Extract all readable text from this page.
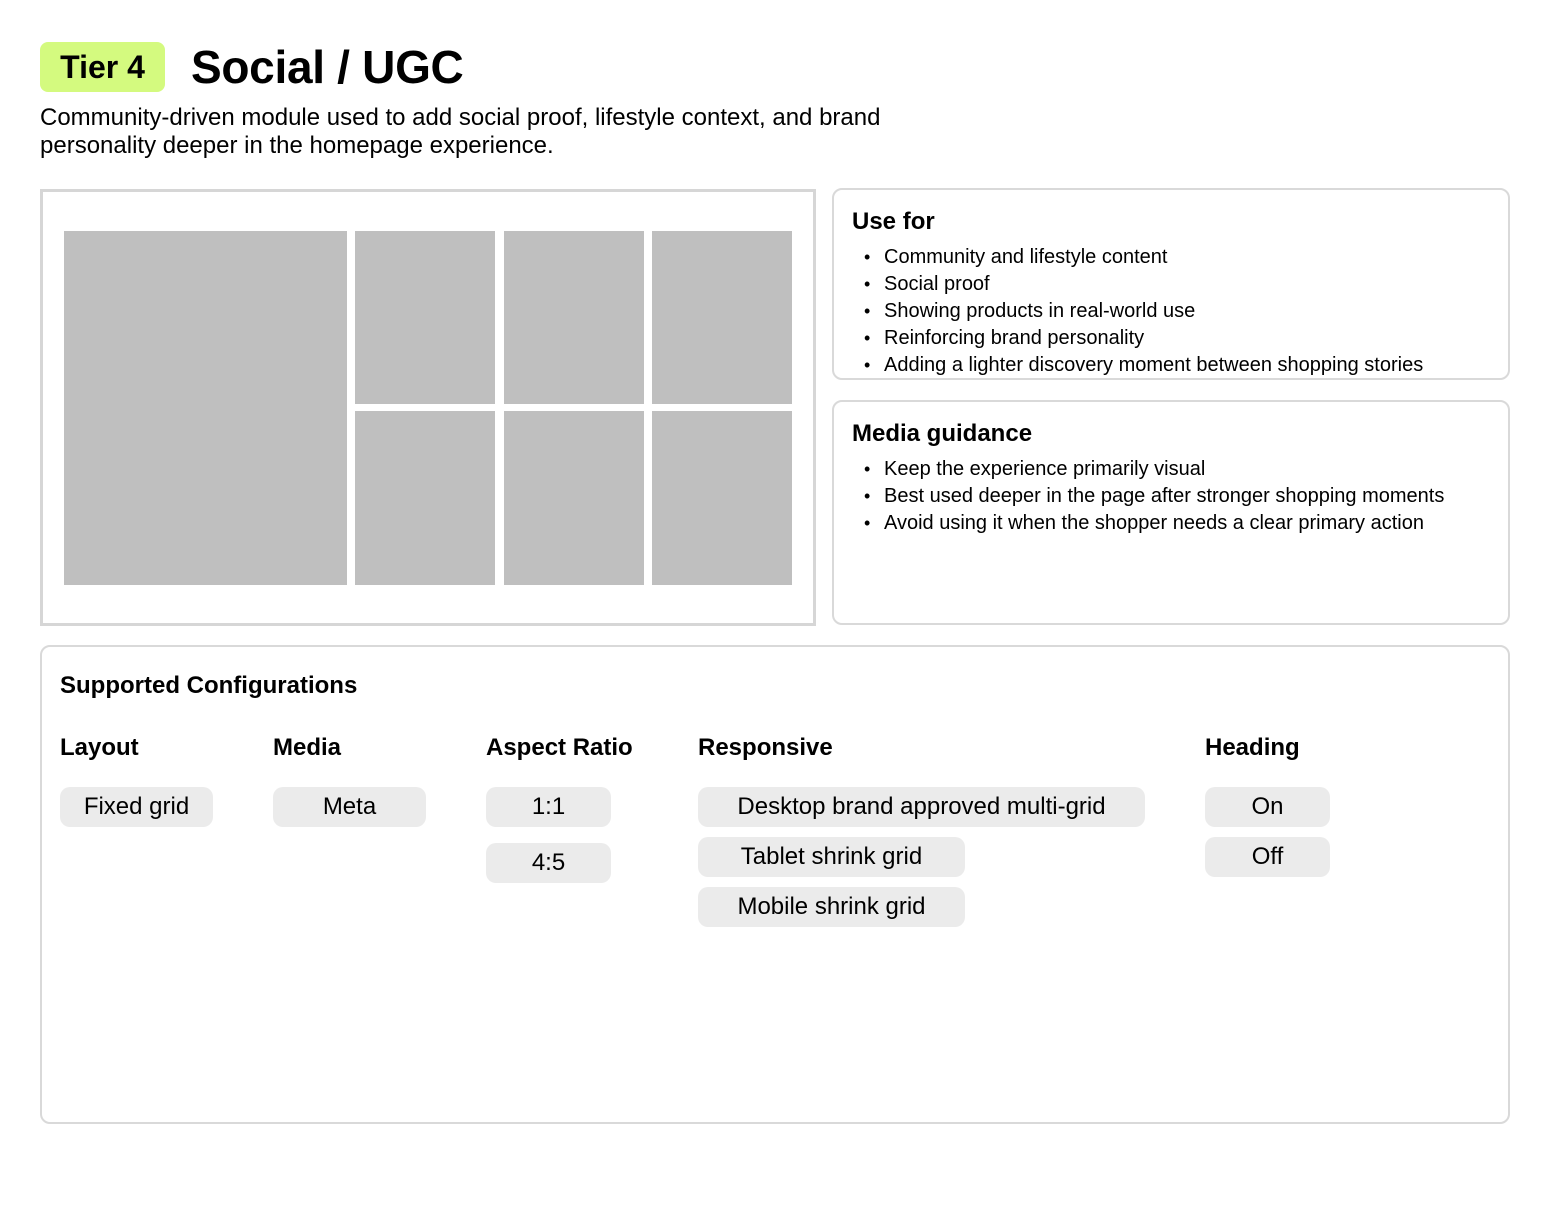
Tier 4	Social / UGC
Community-driven module used to add social proof, lifestyle context, and brand personality deeper in the homepage experience.
Use for
• Community and lifestyle content
• Social proof
• Showing products in real-world use
• Reinforcing brand personality
• Adding a lighter discovery moment between shopping stories
Media guidance
• Keep the experience primarily visual
• Best used deeper in the page after stronger shopping moments
• Avoid using it when the shopper needs a clear primary action
Supported Configurations
Layout
Fixed grid
Media
Meta
Aspect Ratio
1:1
4:5
Responsive
Desktop brand approved multi-grid
Tablet shrink grid
Mobile shrink grid
Heading
On
Off
